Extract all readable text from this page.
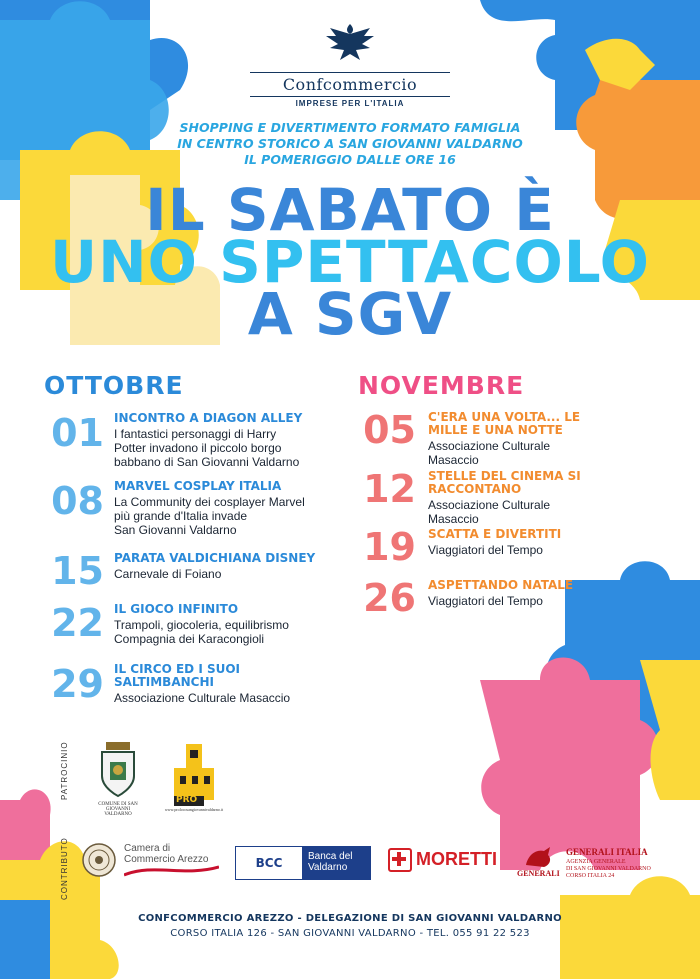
Confcommercio
IMPRESE PER L'ITALIA
SHOPPING E DIVERTIMENTO FORMATO FAMIGLIA
IN CENTRO STORICO A SAN GIOVANNI VALDARNO
IL POMERIGGIO DALLE ORE 16
IL SABATO È
UNO SPETTACOLO
A SGV
OTTOBRE
01 INCONTRO A DIAGON ALLEY
I fantastici personaggi di Harry
Potter invadono il piccolo borgo
babbano di San Giovanni Valdarno
08 MARVEL COSPLAY ITALIA
La Community dei cosplayer Marvel
più grande d'Italia invade
San Giovanni Valdarno
15 PARATA VALDICHIANA DISNEY
Carnevale di Foiano
22 IL GIOCO INFINITO
Trampoli, giocoleria, equilibrismo
Compagnia dei Karacongioli
29 IL CIRCO ED I SUOI SALTIMBANCHI
Associazione Culturale Masaccio
NOVEMBRE
05 C'ERA UNA VOLTA... LE MILLE E UNA NOTTE
Associazione Culturale Masaccio
12 STELLE DEL CINEMA SI RACCONTANO
Associazione Culturale Masaccio
19 SCATTA E DIVERTITI
Viaggiatori del Tempo
26 ASPETTANDO NATALE
Viaggiatori del Tempo
PATROCINIO
COMUNE DI SAN GIOVANNI VALDARNO
PRO
www.prolocosangiovannivaldarno.it
CONTRIBUTO	Camera di Commercio Arezzo	BCC	Banca del Valdarno	MORETTI
GENERALI
GENERALI ITALIA
AGENZIA GENERALE
DI SAN GIOVANNI VALDARNO
CORSO ITALIA 24
CONFCOMMERCIO AREZZO - DELEGAZIONE DI SAN GIOVANNI VALDARNO
CORSO ITALIA 126 - SAN GIOVANNI VALDARNO - TEL. 055 91 22 523
